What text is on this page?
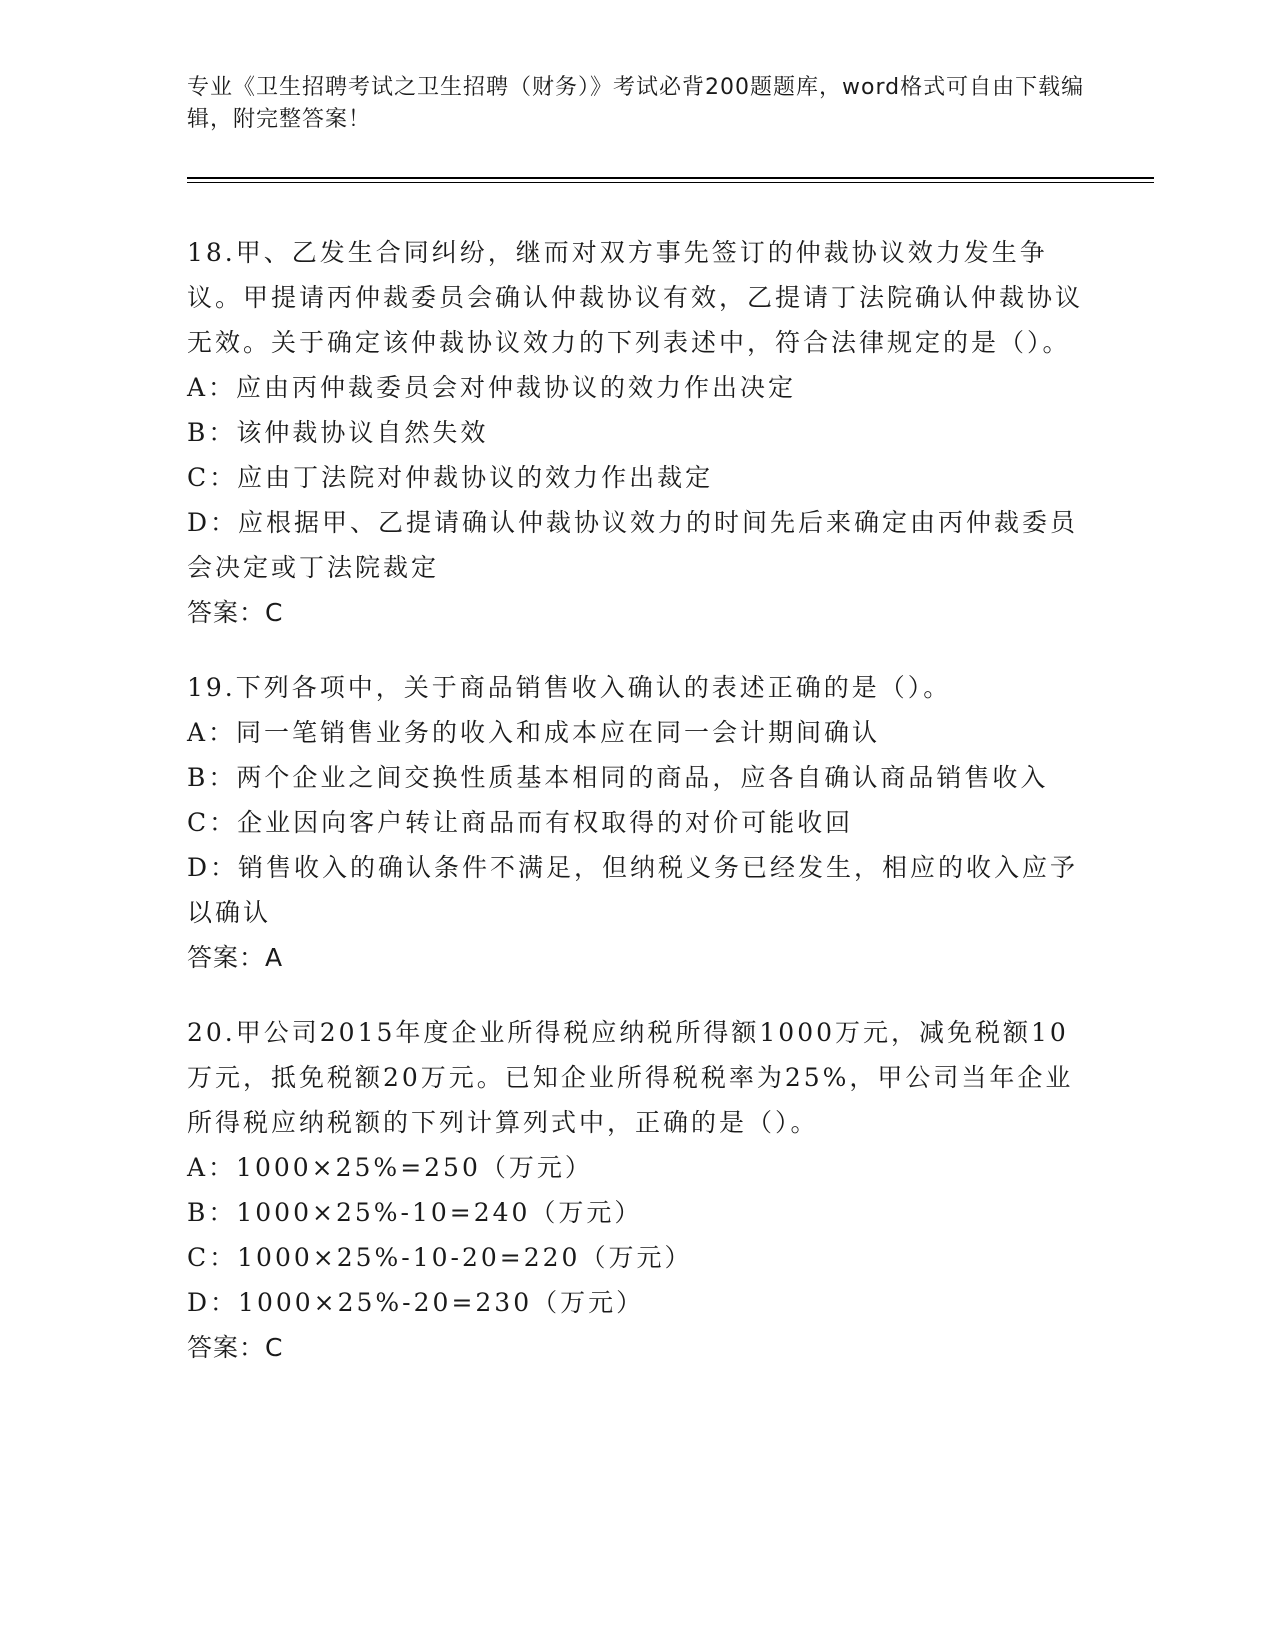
专业《卫生招聘考试之卫生招聘（财务）》考试必背200题题库，word格式可自由下载编辑，附完整答案！

18.甲、乙发生合同纠纷，继而对双方事先签订的仲裁协议效力发生争议。甲提请丙仲裁委员会确认仲裁协议有效，乙提请丁法院确认仲裁协议无效。关于确定该仲裁协议效力的下列表述中，符合法律规定的是（）。

A：应由丙仲裁委员会对仲裁协议的效力作出决定

B：该仲裁协议自然失效

C：应由丁法院对仲裁协议的效力作出裁定

D：应根据甲、乙提请确认仲裁协议效力的时间先后来确定由丙仲裁委员会决定或丁法院裁定

答案：C

19.下列各项中，关于商品销售收入确认的表述正确的是（）。

A：同一笔销售业务的收入和成本应在同一会计期间确认

B：两个企业之间交换性质基本相同的商品，应各自确认商品销售收入

C：企业因向客户转让商品而有权取得的对价可能收回

D：销售收入的确认条件不满足，但纳税义务已经发生，相应的收入应予以确认

答案：A

20.甲公司2015年度企业所得税应纳税所得额1000万元，减免税额10万元，抵免税额20万元。已知企业所得税税率为25%，甲公司当年企业所得税应纳税额的下列计算列式中，正确的是（）。

A：1000×25%=250（万元）

B：1000×25%-10=240（万元）

C：1000×25%-10-20=220（万元）

D：1000×25%-20=230（万元）

答案：C
